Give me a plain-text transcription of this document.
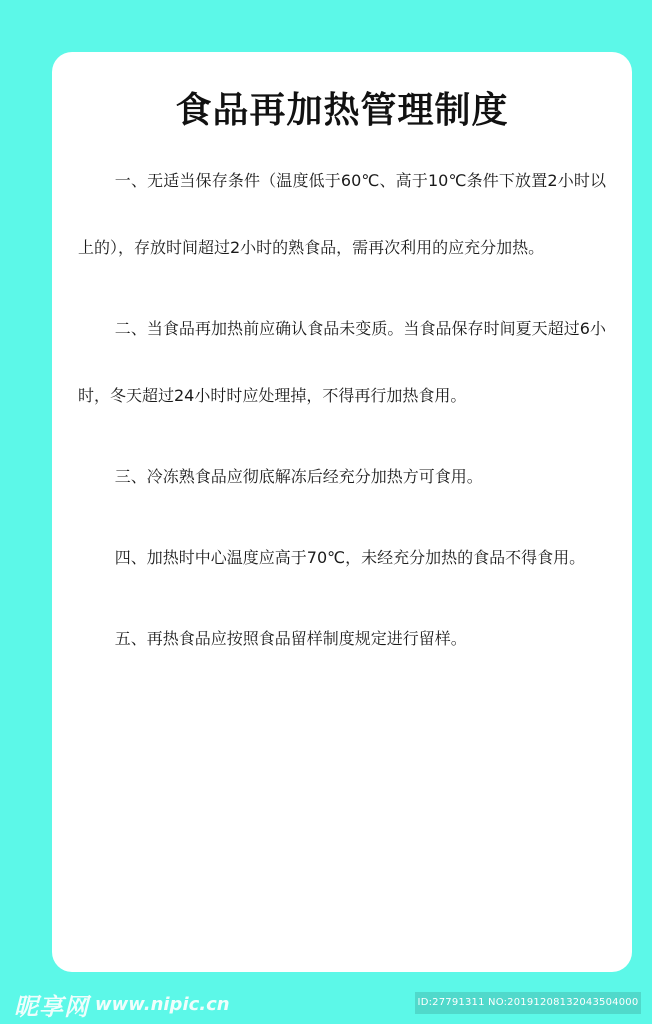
食品再加热管理制度

一、无适当保存条件（温度低于60℃、高于10℃条件下放置2小时以上的），存放时间超过2小时的熟食品，需再次利用的应充分加热。

二、当食品再加热前应确认食品未变质。当食品保存时间夏天超过6小时，冬天超过24小时时应处理掉，不得再行加热食用。

三、冷冻熟食品应彻底解冻后经充分加热方可食用。

四、加热时中心温度应高于70℃，未经充分加热的食品不得食用。

五、再热食品应按照食品留样制度规定进行留样。

昵享网 www.nipic.cn	ID:27791311 NO:20191208132043504000
